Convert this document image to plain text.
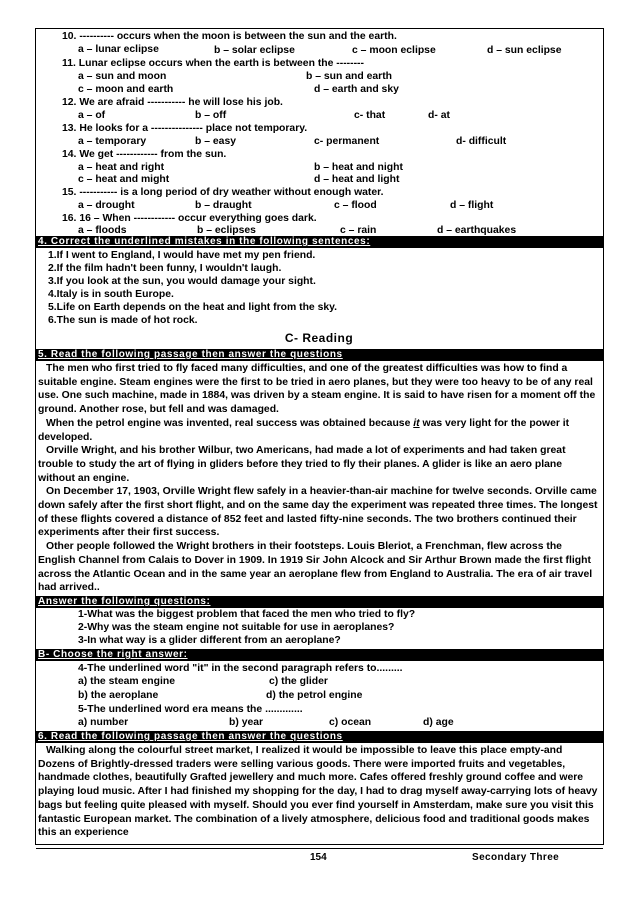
10. ---------- occurs when the moon is between the sun and the earth.
a – lunar eclipse	b – solar eclipse	c – moon eclipse	d – sun eclipse
11. Lunar eclipse occurs when the earth is between the --------
a – sun and moon	b – sun and earth
c – moon and earth	d – earth and sky
12. We are afraid ----------- he will lose his job.
a – of	b – off	c- that	d- at
13. He looks for a --------------- place not temporary.
a – temporary	b – easy	c- permanent	d- difficult
14. We get ------------ from the sun.
a – heat and right	b – heat and night
c – heat and might	d – heat and light
15. ----------- is a long period of dry weather without enough water.
a – drought	b – draught	c – flood	d – flight
16. 16 – When ------------ occur everything goes dark.
a – floods	b – eclipses	c – rain	d – earthquakes
4. Correct the underlined mistakes in the following sentences:
1.If I went to England, I would have met my pen friend.
2.If the film hadn't been funny, I wouldn't laugh.
3.If you look at the sun, you would damage your sight.
4.Italy is in south Europe.
5.Life on Earth depends on the heat and light from the sky.
6.The sun is made of hot rock.
C- Reading
5. Read the following passage then answer the questions

The men who first tried to fly faced many difficulties, and one of the greatest difficulties was how to find a suitable engine. Steam engines were the first to be tried in aero planes, but they were too heavy to be of any real use. One such machine, made in 1884, was driven by a steam engine. It is said to have risen for a moment off the ground. Another rose, but fell and was damaged.

When the petrol engine was invented, real success was obtained because it was very light for the power it developed.

Orville Wright, and his brother Wilbur, two Americans, had made a lot of experiments and had taken great trouble to study the art of flying in gliders before they tried to fly their planes. A glider is like an aero plane without an engine.

On December 17, 1903, Orville Wright flew safely in a heavier-than-air machine for twelve seconds. Orville came down safely after the first short flight, and on the same day the experiment was repeated three times. The longest of these flights covered a distance of 852 feet and lasted fifty-nine seconds. The two brothers continued their experiments after their first success.

Other people followed the Wright brothers in their footsteps. Louis Bleriot, a Frenchman, flew across the English Channel from Calais to Dover in 1909. In 1919 Sir John Alcock and Sir Arthur Brown made the first flight across the Atlantic Ocean and in the same year an aeroplane flew from England to Australia. The era of air travel had arrived..

Answer the following questions:
1-What was the biggest problem that faced the men who tried to fly?
2-Why was the steam engine not suitable for use in aeroplanes?
3-In what way is a glider different from an aeroplane?
B- Choose the right answer:
4-The underlined word "it" in the second paragraph refers to.........
a) the steam engine	c) the glider
b) the aeroplane	d) the petrol engine
5-The underlined word era means the .............
a) number	b) year	c) ocean	d) age
6. Read the following passage then answer the questions

Walking along the colourful street market, I realized it would be impossible to leave this place empty-and Dozens of Brightly-dressed traders were selling various goods. There were imported fruits and vegetables, handmade clothes, beautifully Grafted jewellery and much more. Cafes offered freshly ground coffee and were playing loud music. After I had finished my shopping for the day, I had to drag myself away-carrying lots of heavy bags but feeling quite pleased with myself. Should you ever find yourself in Amsterdam, make sure you visit this fantastic European market. The combination of a lively atmosphere, delicious food and traditional goods makes this an experience

154	Secondary Three
